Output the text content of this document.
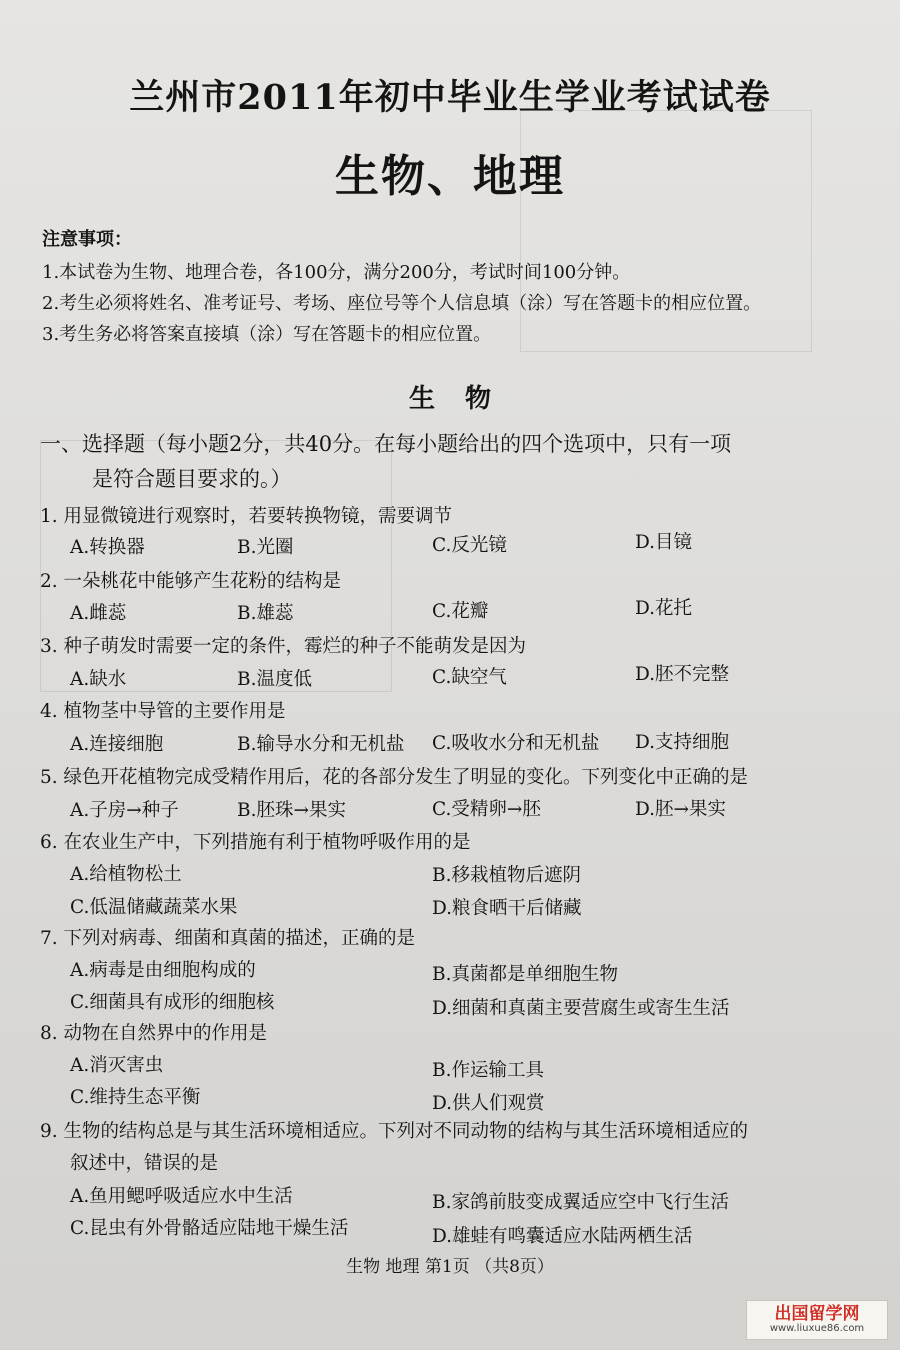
兰州市2011年初中毕业生学业考试试卷
生物、地理
注意事项：
1.本试卷为生物、地理合卷，各100分，满分200分，考试时间100分钟。
2.考生必须将姓名、准考证号、考场、座位号等个人信息填（涂）写在答题卡的相应位置。
3.考生务必将答案直接填（涂）写在答题卡的相应位置。
生物
一、选择题（每小题2分，共40分。在每小题给出的四个选项中，只有一项
是符合题目要求的。）
1. 用显微镜进行观察时，若要转换物镜，需要调节
A.转换器	B.光圈	C.反光镜	D.目镜
2. 一朵桃花中能够产生花粉的结构是
A.雌蕊	B.雄蕊	C.花瓣	D.花托
3. 种子萌发时需要一定的条件，霉烂的种子不能萌发是因为
A.缺水	B.温度低	C.缺空气	D.胚不完整
4. 植物茎中导管的主要作用是
A.连接细胞	B.输导水分和无机盐 C.吸收水分和无机盐 D.支持细胞
5. 绿色开花植物完成受精作用后，花的各部分发生了明显的变化。下列变化中正确的是
A.子房→种子	B.胚珠→果实	C.受精卵→胚	D.胚→果实
6. 在农业生产中，下列措施有利于植物呼吸作用的是
A.给植物松土	B.移栽植物后遮阴
C.低温储藏蔬菜水果	D.粮食晒干后储藏
7. 下列对病毒、细菌和真菌的描述，正确的是
A.病毒是由细胞构成的	B.真菌都是单细胞生物
C.细菌具有成形的细胞核	D.细菌和真菌主要营腐生或寄生生活
8. 动物在自然界中的作用是
A.消灭害虫	B.作运输工具
C.维持生态平衡	D.供人们观赏
9. 生物的结构总是与其生活环境相适应。下列对不同动物的结构与其生活环境相适应的
叙述中，错误的是
A.鱼用鳃呼吸适应水中生活	B.家鸽前肢变成翼适应空中飞行生活
C.昆虫有外骨骼适应陆地干燥生活	D.雄蛙有鸣囊适应水陆两栖生活
生物 地理 第1页 （共8页）
出国留学网
www.liuxue86.com
